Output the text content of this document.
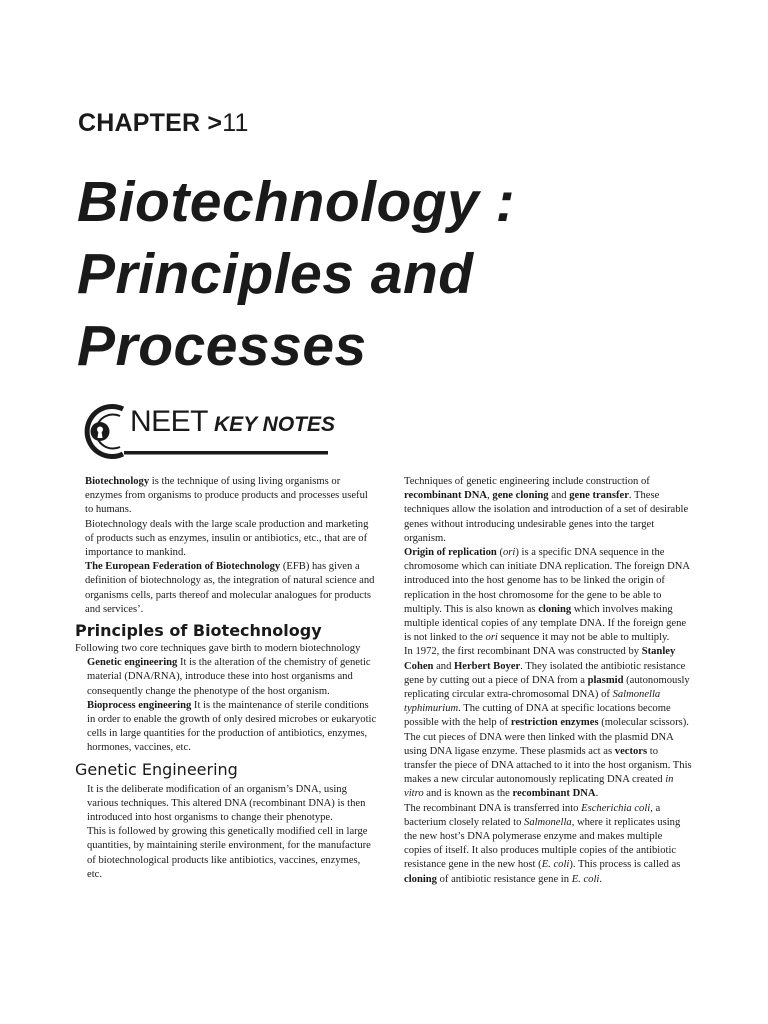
CHAPTER >11
Biotechnology :
Principles and
Processes
NEET KEY NOTES

Biotechnology is the technique of using living organisms or enzymes from organisms to produce products and processes useful to humans.

Biotechnology deals with the large scale production and marketing of products such as enzymes, insulin or antibiotics, etc., that are of importance to mankind.

The European Federation of Biotechnology (EFB) has given a definition of biotechnology as, the integration of natural science and organisms cells, parts thereof and molecular analogues for products and services’.

Principles of Biotechnology

Following two core techniques gave birth to modern biotechnology

Genetic engineering It is the alteration of the chemistry of genetic material (DNA/RNA), introduce these into host organisms and consequently change the phenotype of the host organism.

Bioprocess engineering It is the maintenance of sterile conditions in order to enable the growth of only desired microbes or eukaryotic cells in large quantities for the production of antibiotics, enzymes, hormones, vaccines, etc.

Genetic Engineering

It is the deliberate modification of an organism’s DNA, using various techniques. This altered DNA (recombinant DNA) is then introduced into host organisms to change their phenotype.

This is followed by growing this genetically modified cell in large quantities, by maintaining sterile environment, for the manufacture of biotechnological products like antibiotics, vaccines, enzymes, etc.

Techniques of genetic engineering include construction of recombinant DNA, gene cloning and gene transfer. These techniques allow the isolation and introduction of a set of desirable genes without introducing undesirable genes into the target organism.

Origin of replication (ori) is a specific DNA sequence in the chromosome which can initiate DNA replication. The foreign DNA introduced into the host genome has to be linked the origin of replication in the host chromosome for the gene to be able to multiply. This is also known as cloning which involves making multiple identical copies of any template DNA. If the foreign gene is not linked to the ori sequence it may not be able to multiply.

In 1972, the first recombinant DNA was constructed by Stanley Cohen and Herbert Boyer. They isolated the antibiotic resistance gene by cutting out a piece of DNA from a plasmid (autonomously replicating circular extra-chromosomal DNA) of Salmonella typhimurium. The cutting of DNA at specific locations become possible with the help of restriction enzymes (molecular scissors).

The cut pieces of DNA were then linked with the plasmid DNA using DNA ligase enzyme. These plasmids act as vectors to transfer the piece of DNA attached to it into the host organism. This makes a new circular autonomously replicating DNA created in vitro and is known as the recombinant DNA.

The recombinant DNA is transferred into Escherichia coli, a bacterium closely related to Salmonella, where it replicates using the new host’s DNA polymerase enzyme and makes multiple copies of itself. It also produces multiple copies of the antibiotic resistance gene in the new host (E. coli). This process is called as cloning of antibiotic resistance gene in E. coli.
